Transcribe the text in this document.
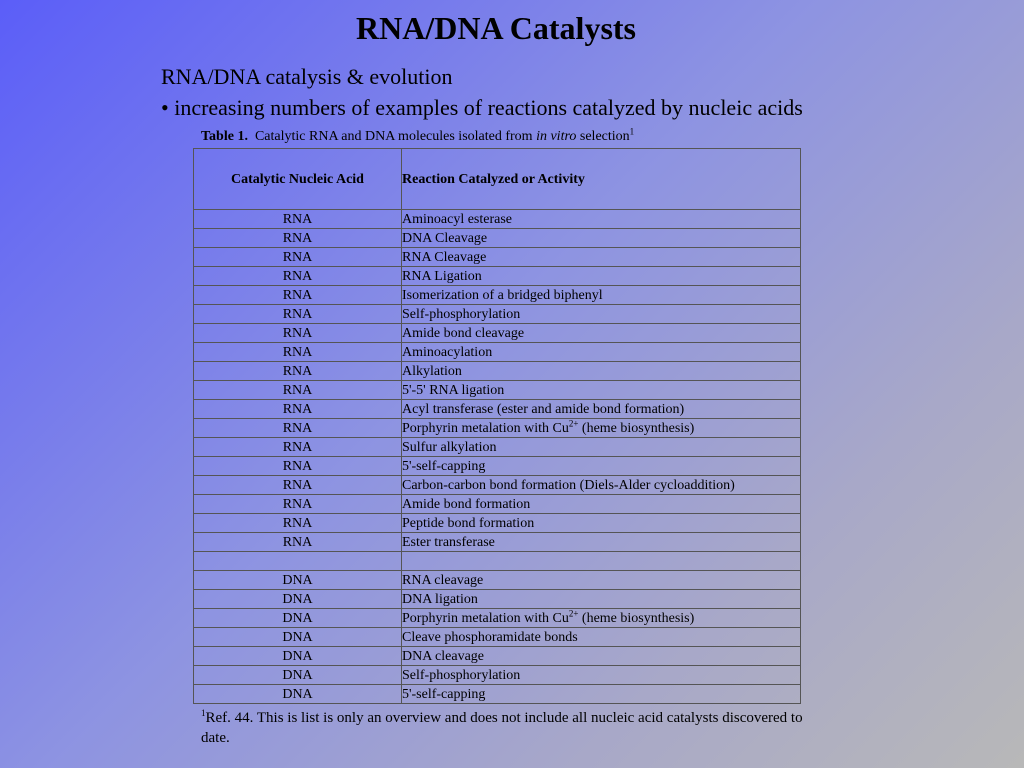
RNA/DNA Catalysts
RNA/DNA catalysis & evolution
• increasing numbers of examples of reactions catalyzed by nucleic acids
Table 1. Catalytic RNA and DNA molecules isolated from in vitro selection$^1$
Catalytic Nucleic Acid	Reaction Catalyzed or Activity
RNA	Aminoacyl esterase
RNA	DNA Cleavage
RNA	RNA Cleavage
RNA	RNA Ligation
RNA	Isomerization of a bridged biphenyl
RNA	Self-phosphorylation
RNA	Amide bond cleavage
RNA	Aminoacylation
RNA	Alkylation
RNA	5'-5' RNA ligation
RNA	Acyl transferase (ester and amide bond formation)
RNA	Porphyrin metalation with $Cu^{2+}$ (heme biosynthesis)
RNA	Sulfur alkylation
RNA	5'-self-capping
RNA	Carbon-carbon bond formation (Diels-Alder cycloaddition)
RNA	Amide bond formation
RNA	Peptide bond formation
RNA	Ester transferase

DNA	RNA cleavage
DNA	DNA ligation
DNA	Porphyrin metalation with $Cu^{2+}$ (heme biosynthesis)
DNA	Cleave phosphoramidate bonds
DNA	DNA cleavage
DNA	Self-phosphorylation
DNA	5'-self-capping
$^1$Ref. 44. This is list is only an overview and does not include all nucleic acid catalysts discovered to date.
